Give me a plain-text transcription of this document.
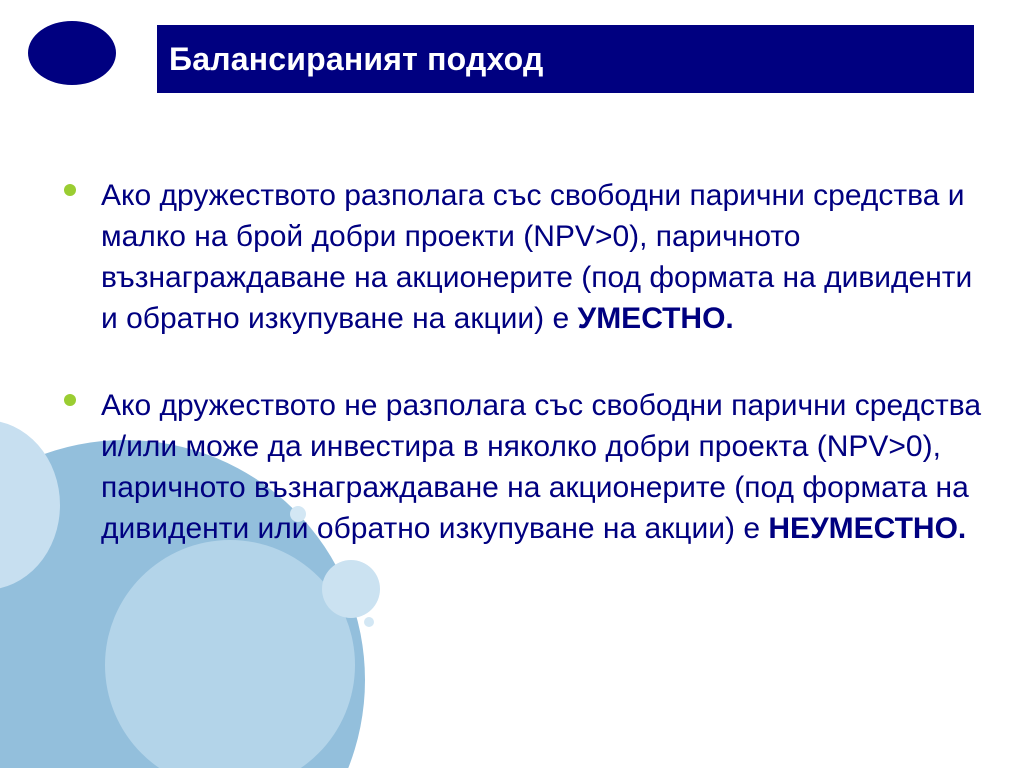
Балансираният подход
Ако дружеството разполага със свободни парични средства и малко на брой добри проекти (NPV>0), паричното възнаграждаване на акционерите (под формата на дивиденти и обратно изкупуване на акции) е УМЕСТНО.
Ако дружеството не разполага със свободни парични средства и/или може да инвестира в няколко добри проекта (NPV>0), паричното възнаграждаване на акционерите (под формата на дивиденти или обратно изкупуване на акции) е НЕУМЕСТНО.
